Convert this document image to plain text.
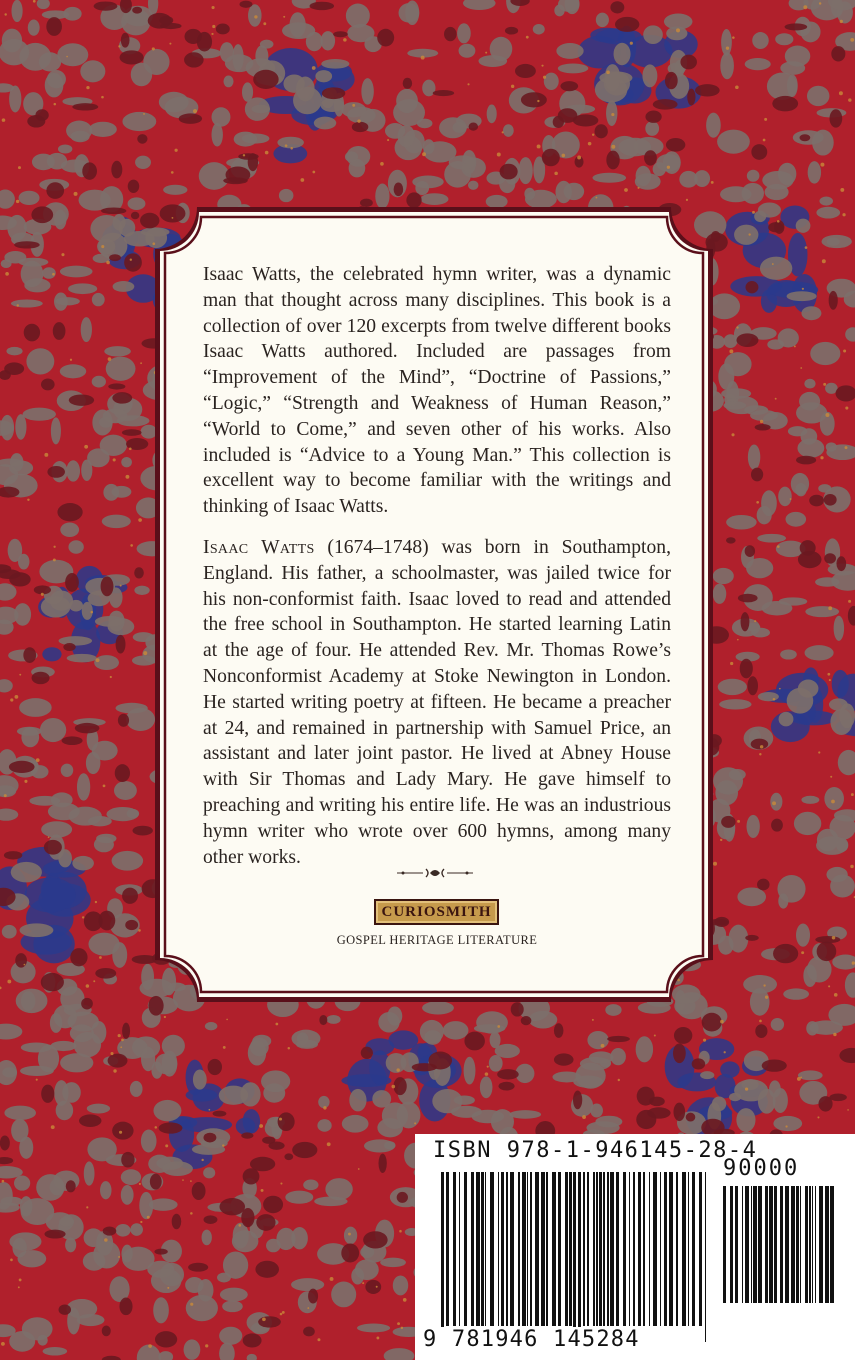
Isaac Watts, the celebrated hymn writer, was a dynamic man that thought across many disciplines. This book is a collection of over 120 excerpts from twelve different books Isaac Watts authored. Included are passages from “Improvement of the Mind”, “Doctrine of Passions,” “Logic,” “Strength and Weakness of Human Reason,” “World to Come,” and seven other of his works. Also included is “Advice to a Young Man.” This collection is excellent way to become familiar with the writings and thinking of Isaac Watts.

Isaac Watts (1674–1748) was born in Southampton, England. His father, a schoolmaster, was jailed twice for his non-conformist faith. Isaac loved to read and attended the free school in Southampton. He started learning Latin at the age of four. He attended Rev. Mr. Thomas Rowe’s Nonconformist Academy at Stoke Newington in London. He started writing poetry at fifteen. He became a preacher at 24, and remained in partnership with Samuel Price, an assistant and later joint pastor. He lived at Abney House with Sir Thomas and Lady Mary. He gave himself to preaching and writing his entire life. He was an industrious hymn writer who wrote over 600 hymns, among many other works.

CURIOSMITH
GOSPEL HERITAGE LITERATURE
ISBN 978-1-946145-28-4
90000
9 781946 145284
